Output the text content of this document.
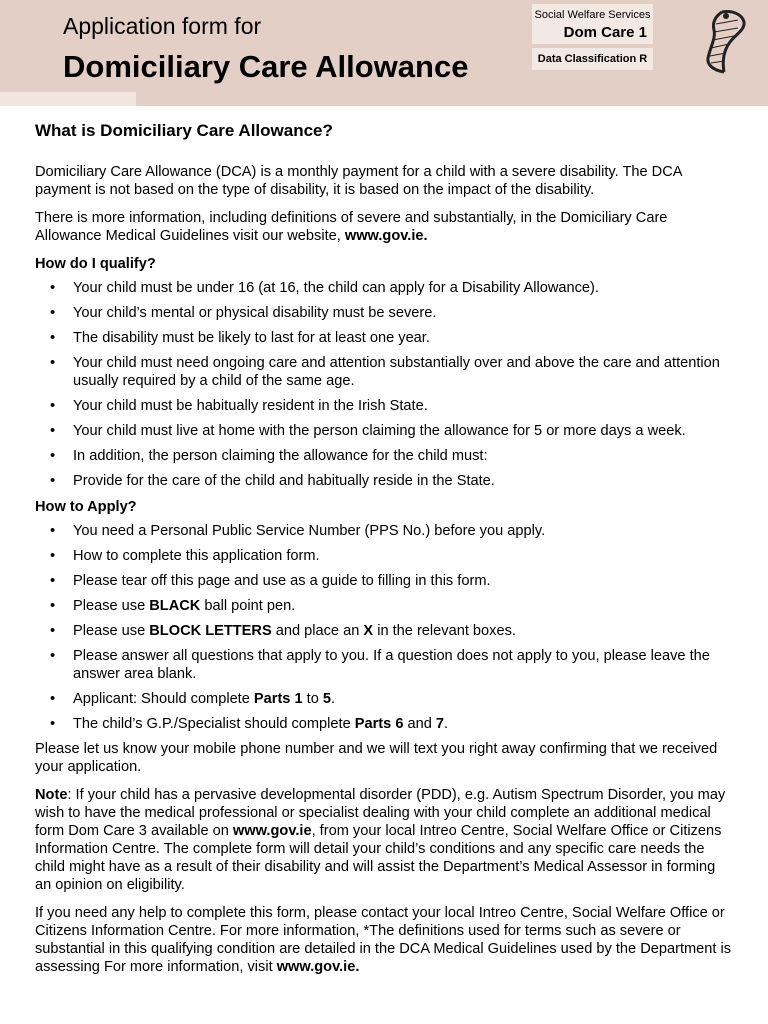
Application form for
Domiciliary Care Allowance
Social Welfare Services
Dom Care 1
Data Classification R
What is Domiciliary Care Allowance?

Domiciliary Care Allowance (DCA) is a monthly payment for a child with a severe disability. The DCA payment is not based on the type of disability, it is based on the impact of the disability.

There is more information, including definitions of severe and substantially, in the Domiciliary Care Allowance Medical Guidelines visit our website, www.gov.ie.

How do I qualify?
• Your child must be under 16 (at 16, the child can apply for a Disability Allowance).
• Your child’s mental or physical disability must be severe.
• The disability must be likely to last for at least one year.
• Your child must need ongoing care and attention substantially over and above the care and attention usually required by a child of the same age.
• Your child must be habitually resident in the Irish State.
• Your child must live at home with the person claiming the allowance for 5 or more days a week.
• In addition, the person claiming the allowance for the child must:
• Provide for the care of the child and habitually reside in the State.
How to Apply?
• You need a Personal Public Service Number (PPS No.) before you apply.
• How to complete this application form.
• Please tear off this page and use as a guide to filling in this form.
• Please use BLACK ball point pen.
• Please use BLOCK LETTERS and place an X in the relevant boxes.
• Please answer all questions that apply to you. If a question does not apply to you, please leave the answer area blank.
• Applicant: Should complete Parts 1 to 5.
• The child’s G.P./Specialist should complete Parts 6 and 7.

Please let us know your mobile phone number and we will text you right away confirming that we received your application.

Note: If your child has a pervasive developmental disorder (PDD), e.g. Autism Spectrum Disorder, you may wish to have the medical professional or specialist dealing with your child complete an additional medical form Dom Care 3 available on www.gov.ie, from your local Intreo Centre, Social Welfare Office or Citizens Information Centre. The complete form will detail your child’s conditions and any specific care needs the child might have as a result of their disability and will assist the Department’s Medical Assessor in forming an opinion on eligibility.

If you need any help to complete this form, please contact your local Intreo Centre, Social Welfare Office or Citizens Information Centre. For more information, *The definitions used for terms such as severe or substantial in this qualifying condition are detailed in the DCA Medical Guidelines used by the Department is assessing For more information, visit www.gov.ie.
